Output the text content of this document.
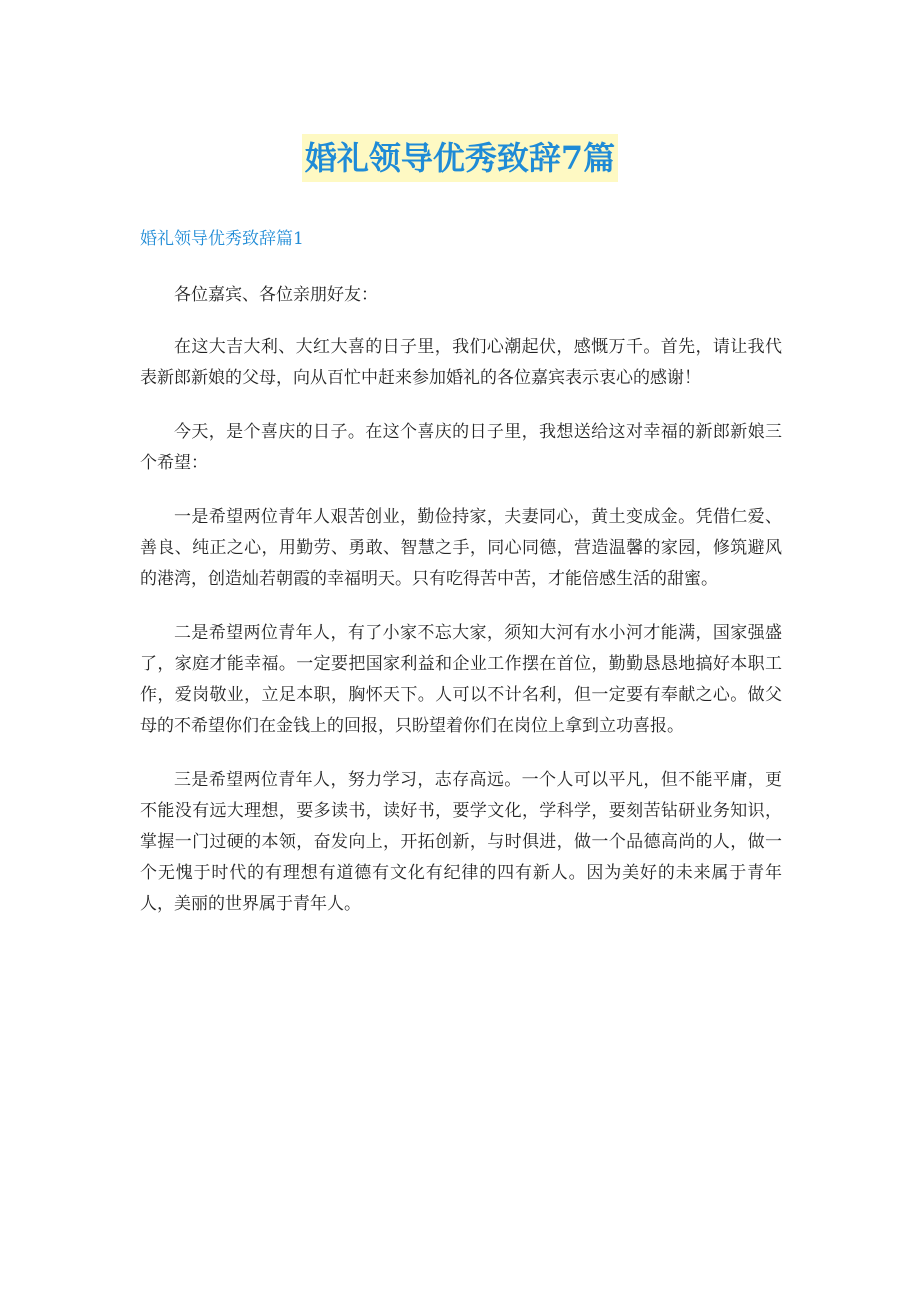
婚礼领导优秀致辞7篇
婚礼领导优秀致辞篇1

各位嘉宾、各位亲朋好友：

在这大吉大利、大红大喜的日子里，我们心潮起伏，感慨万千。首先，请让我代表新郎新娘的父母，向从百忙中赶来参加婚礼的各位嘉宾表示衷心的感谢！

今天，是个喜庆的日子。在这个喜庆的日子里，我想送给这对幸福的新郎新娘三个希望：

一是希望两位青年人艰苦创业，勤俭持家，夫妻同心，黄土变成金。凭借仁爱、善良、纯正之心，用勤劳、勇敢、智慧之手，同心同德，营造温馨的家园，修筑避风的港湾，创造灿若朝霞的幸福明天。只有吃得苦中苦，才能倍感生活的甜蜜。

二是希望两位青年人，有了小家不忘大家，须知大河有水小河才能满，国家强盛了，家庭才能幸福。一定要把国家利益和企业工作摆在首位，勤勤恳恳地搞好本职工作，爱岗敬业，立足本职，胸怀天下。人可以不计名利，但一定要有奉献之心。做父母的不希望你们在金钱上的回报，只盼望着你们在岗位上拿到立功喜报。

三是希望两位青年人，努力学习，志存高远。一个人可以平凡，但不能平庸，更不能没有远大理想，要多读书，读好书，要学文化，学科学，要刻苦钻研业务知识，掌握一门过硬的本领，奋发向上，开拓创新，与时俱进，做一个品德高尚的人，做一个无愧于时代的有理想有道德有文化有纪律的四有新人。因为美好的未来属于青年人，美丽的世界属于青年人。
